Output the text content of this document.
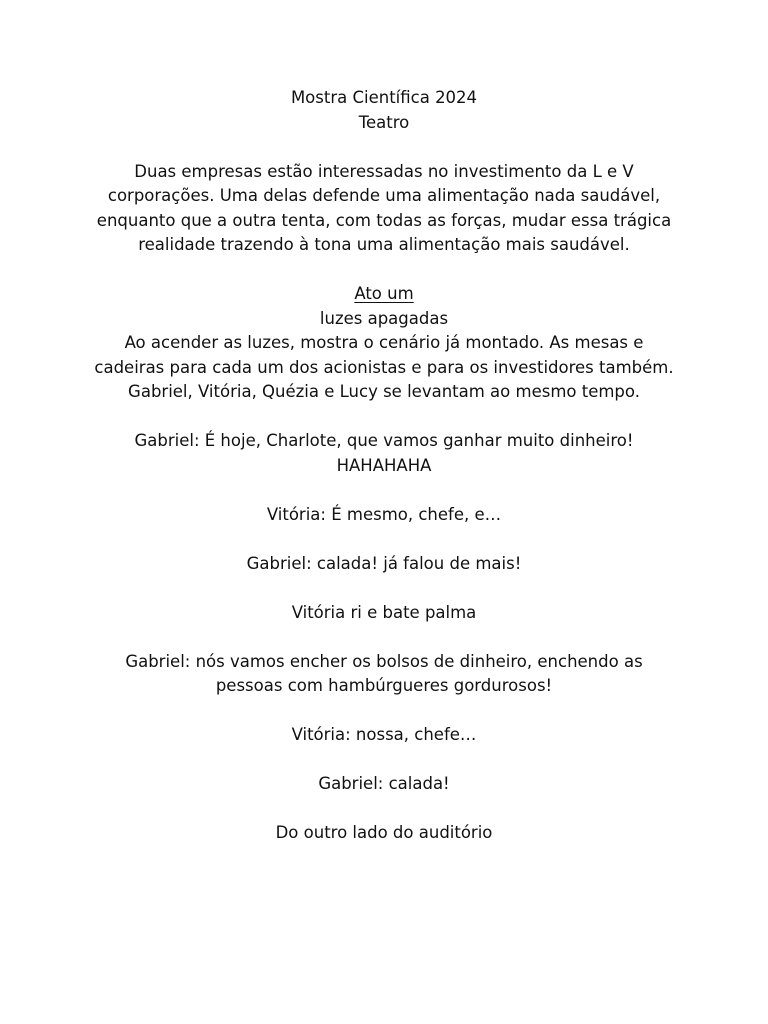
Mostra Científica 2024

Teatro

Duas empresas estão interessadas no investimento da L e V corporações. Uma delas defende uma alimentação nada saudável, enquanto que a outra tenta, com todas as forças, mudar essa trágica realidade trazendo à tona uma alimentação mais saudável.

Ato um

luzes apagadas

Ao acender as luzes, mostra o cenário já montado. As mesas e cadeiras para cada um dos acionistas e para os investidores também.

Gabriel, Vitória, Quézia e Lucy se levantam ao mesmo tempo.

Gabriel: É hoje, Charlote, que vamos ganhar muito dinheiro! HAHAHAHA

Vitória: É mesmo, chefe, e…

Gabriel: calada! já falou de mais!

Vitória ri e bate palma

Gabriel: nós vamos encher os bolsos de dinheiro, enchendo as pessoas com hambúrgueres gordurosos!

Vitória: nossa, chefe…

Gabriel: calada!

Do outro lado do auditório
